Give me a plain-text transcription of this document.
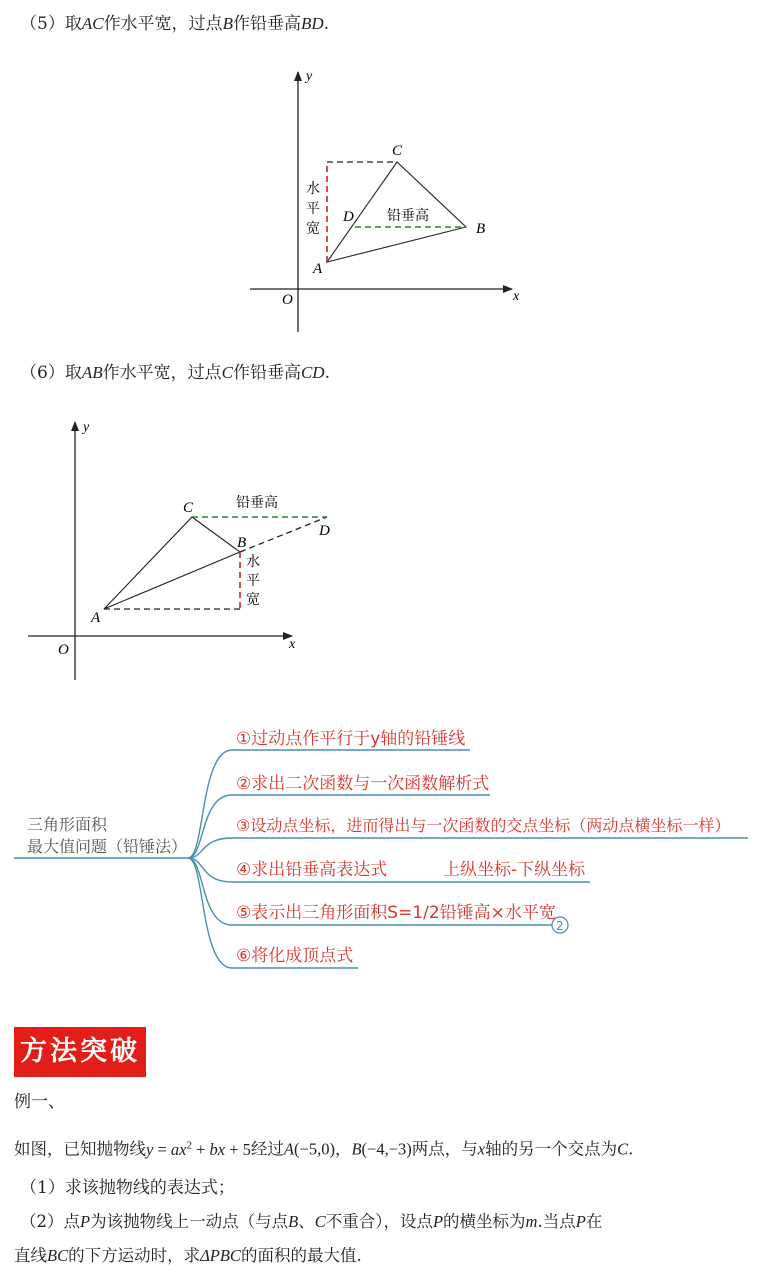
（5）取AC作水平宽，过点B作铅垂高BD.
y
x
O
A
B
C
D
水
平
宽
铅垂高
y
x
O
A
B
C
D
水
平
宽
铅垂高
2
三角形面积
最大值问题（铅锤法）
①过动点作平行于y轴的铅锤线
②求出二次函数与一次函数解析式
③设动点坐标，进而得出与一次函数的交点坐标（两动点横坐标一样）
④求出铅垂高表达式	上纵坐标-下纵坐标
⑤表示出三角形面积S=1/2铅锤高×水平宽
⑥将化成顶点式
（6）取AB作水平宽，过点C作铅垂高CD.
方法突破
例一、
如图，已知抛物线$y = ax^2$ + bx + 5经过A(−5,0)，B(−4,−3)两点，与x轴的另一个交点为C.
（1）求该抛物线的表达式；
（2）点P为该抛物线上一动点（与点B、C不重合），设点P的横坐标为m.当点P在
直线BC的下方运动时，求ΔPBC的面积的最大值.
